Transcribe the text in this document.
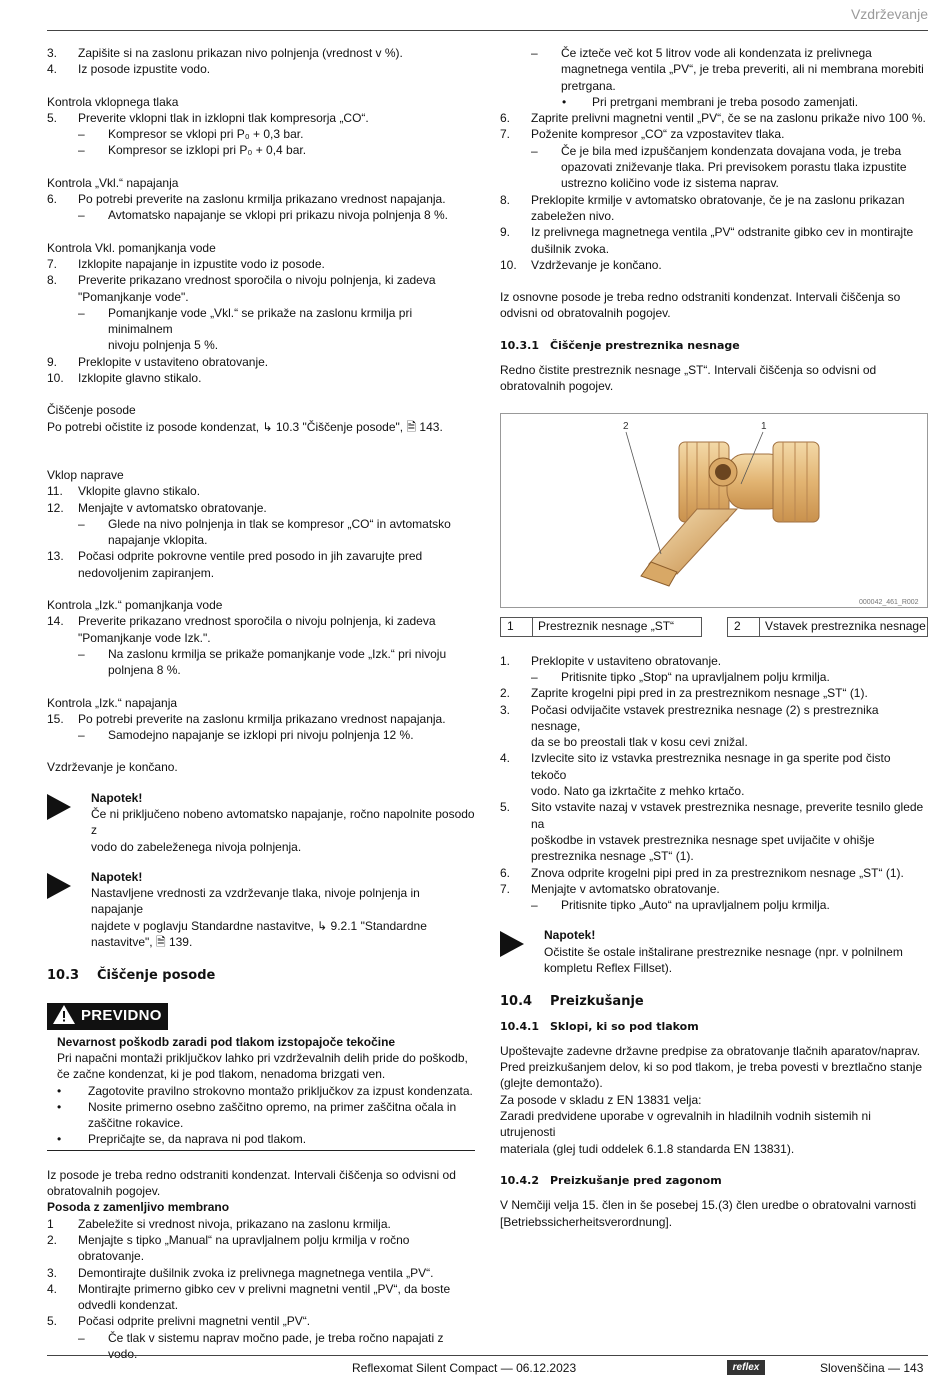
Vzdrževanje
3.	Zapišite si na zaslonu prikazan nivo polnjenja (vrednost v %).
4.	Iz posode izpustite vodo.
Kontrola vklopnega tlaka
5.	Preverite vklopni tlak in izklopni tlak kompresorja „CO“.
–	Kompresor se vklopi pri P₀ + 0,3 bar.
–	Kompresor se izklopi pri P₀ + 0,4 bar.
Kontrola „Vkl.“ napajanja
6.	Po potrebi preverite na zaslonu krmilja prikazano vrednost napajanja.
–	Avtomatsko napajanje se vklopi pri prikazu nivoja polnjenja 8 %.
Kontrola Vkl. pomanjkanja vode
7.	Izklopite napajanje in izpustite vodo iz posode.
8.	Preverite prikazano vrednost sporočila o nivoju polnjenja, ki zadeva
"Pomanjkanje vode".
–	Pomanjkanje vode „Vkl.“ se prikaže na zaslonu krmilja pri minimalnem
nivoju polnjenja 5 %.
9.	Preklopite v ustaviteno obratovanje.
10.	Izklopite glavno stikalo.
Čiščenje posode
Po potrebi očistite iz posode kondenzat, ↳ 10.3 "Čiščenje posode", 🗎 143.
Vklop naprave
11.	Vklopite glavno stikalo.
12.	Menjajte v avtomatsko obratovanje.
–	Glede na nivo polnjenja in tlak se kompresor „CO“ in avtomatsko
napajanje vklopita.
13.	Počasi odprite pokrovne ventile pred posodo in jih zavarujte pred
nedovoljenim zapiranjem.
Kontrola „Izk.“ pomanjkanja vode
14.	Preverite prikazano vrednost sporočila o nivoju polnjenja, ki zadeva
"Pomanjkanje vode Izk.".
–	Na zaslonu krmilja se prikaže pomanjkanje vode „Izk.“ pri nivoju
polnjena 8 %.
Kontrola „Izk.“ napajanja
15.	Po potrebi preverite na zaslonu krmilja prikazano vrednost napajanja.
–	Samodejno napajanje se izklopi pri nivoju polnjenja 12 %.
Vzdrževanje je končano.
Napotek!
Če ni priključeno nobeno avtomatsko napajanje, ročno napolnite posodo z
vodo do zabeleženega nivoja polnjenja.
Napotek!
Nastavljene vrednosti za vzdrževanje tlaka, nivoje polnjenja in napajanje
najdete v poglavju Standardne nastavitve, ↳ 9.2.1 "Standardne
nastavitve", 🗎 139.
10.3	Čiščenje posode
PREVIDNO
Nevarnost poškodb zaradi pod tlakom izstopajoče tekočine
Pri napačni montaži priključkov lahko pri vzdrževalnih delih pride do poškodb,
če začne kondenzat, ki je pod tlakom, nenadoma brizgati ven.
•	Zagotovite pravilno strokovno montažo priključkov za izpust kondenzata.
•	Nosite primerno osebno zaščitno opremo, na primer zaščitna očala in
zaščitne rokavice.
•	Prepričajte se, da naprava ni pod tlakom.
Iz posode je treba redno odstraniti kondenzat. Intervali čiščenja so odvisni od
obratovalnih pogojev.
Posoda z zamenljivo membrano
1	Zabeležite si vrednost nivoja, prikazano na zaslonu krmilja.
2.	Menjajte s tipko „Manual“ na upravljalnem polju krmilja v ročno obratovanje.
3.	Demontirajte dušilnik zvoka iz prelivnega magnetnega ventila „PV“.
4.	Montirajte primerno gibko cev v prelivni magnetni ventil „PV“, da boste
odvedli kondenzat.
5.	Počasi odprite prelivni magnetni ventil „PV“.
–	Če tlak v sistemu naprav močno pade, je treba ročno napajati z vodo.
–	Če izteče več kot 5 litrov vode ali kondenzata iz prelivnega
magnetnega ventila „PV“, je treba preveriti, ali ni membrana morebiti
pretrgana.
•	Pri pretrgani membrani je treba posodo zamenjati.
6.	Zaprite prelivni magnetni ventil „PV“, če se na zaslonu prikaže nivo 100 %.
7.	Poženite kompresor „CO“ za vzpostavitev tlaka.
–	Če je bila med izpuščanjem kondenzata dovajana voda, je treba
opazovati zniževanje tlaka. Pri previsokem porastu tlaka izpustite
ustrezno količino vode iz sistema naprav.
8.	Preklopite krmilje v avtomatsko obratovanje, če je na zaslonu prikazan
zabeležen nivo.
9.	Iz prelivnega magnetnega ventila „PV“ odstranite gibko cev in montirajte
dušilnik zvoka.
10.	Vzdrževanje je končano.
Iz osnovne posode je treba redno odstraniti kondenzat. Intervali čiščenja so
odvisni od obratovalnih pogojev.
10.3.1	Čiščenje prestreznika nesnage
Redno čistite prestreznik nesnage „ST“. Intervali čiščenja so odvisni od
obratovalnih pogojev.
2	1
000042_461_R002
1	Prestreznik nesnage „ST“	2	Vstavek prestreznika nesnage
1.	Preklopite v ustaviteno obratovanje.
–	Pritisnite tipko „Stop“ na upravljalnem polju krmilja.
2.	Zaprite krogelni pipi pred in za prestreznikom nesnage „ST“ (1).
3.	Počasi odvijačite vstavek prestreznika nesnage (2) s prestreznika nesnage,
da se bo preostali tlak v kosu cevi znižal.
4.	Izvlecite sito iz vstavka prestreznika nesnage in ga sperite pod čisto tekočo
vodo. Nato ga izkrtačite z mehko krtačo.
5.	Sito vstavite nazaj v vstavek prestreznika nesnage, preverite tesnilo glede na
poškodbe in vstavek prestreznika nesnage spet uvijačite v ohišje
prestreznika nesnage „ST“ (1).
6.	Znova odprite krogelni pipi pred in za prestreznikom nesnage „ST“ (1).
7.	Menjajte v avtomatsko obratovanje.
–	Pritisnite tipko „Auto“ na upravljalnem polju krmilja.
Napotek!
Očistite še ostale inštalirane prestreznike nesnage (npr. v polnilnem
kompletu Reflex Fillset).
10.4	Preizkušanje
10.4.1	Sklopi, ki so pod tlakom
Upoštevajte zadevne državne predpise za obratovanje tlačnih aparatov/naprav.
Pred preizkušanjem delov, ki so pod tlakom, je treba povesti v breztlačno stanje
(glejte demontažo).
Za posode v skladu z EN 13831 velja:
Zaradi predvidene uporabe v ogrevalnih in hladilnih vodnih sistemih ni utrujenosti
materiala (glej tudi oddelek 6.1.8 standarda EN 13831).
10.4.2	Preizkušanje pred zagonom
V Nemčiji velja 15. člen in še posebej 15.(3) člen uredbe o obratovalni varnosti
[Betriebssicherheitsverordnung].
Reflexomat Silent Compact — 06.12.2023	reflex	Slovenščina — 143
